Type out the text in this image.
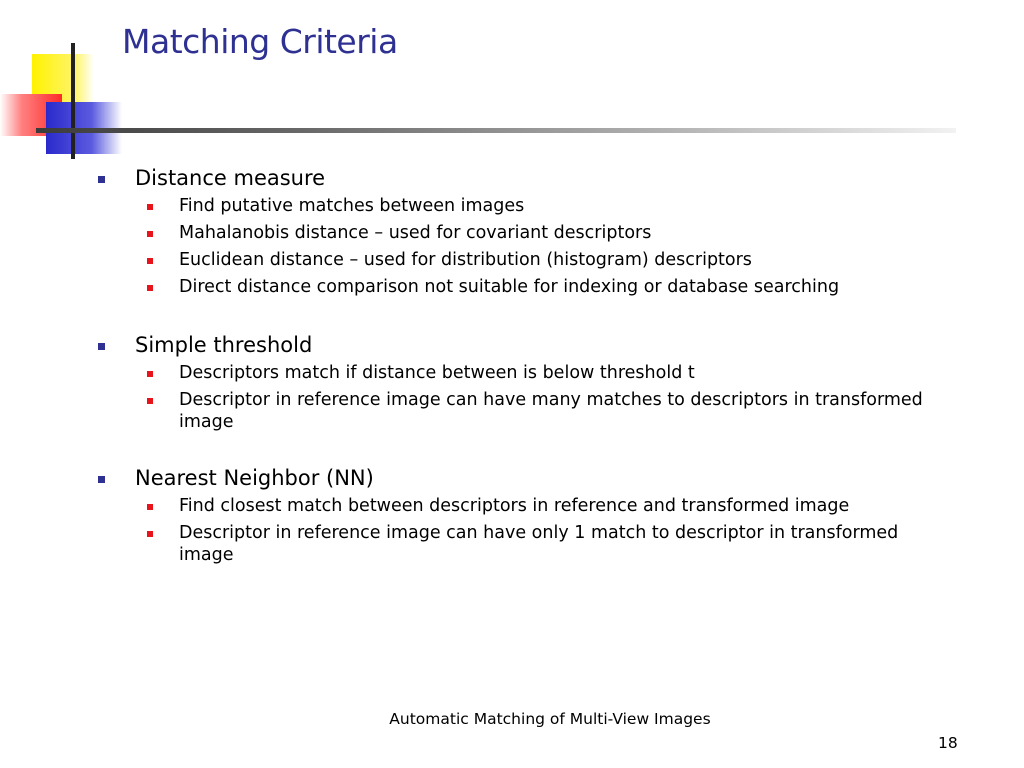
Matching Criteria
Distance measure
Find putative matches between images
Mahalanobis distance – used for covariant descriptors
Euclidean distance – used for distribution (histogram) descriptors
Direct distance comparison not suitable for indexing or database searching
Simple threshold
Descriptors match if distance between is below threshold t
Descriptor in reference image can have many matches to descriptors in transformed image
Nearest Neighbor (NN)
Find closest match between descriptors in reference and transformed image
Descriptor in reference image can have only 1 match to descriptor in transformed image
Automatic Matching of Multi-View Images
18
